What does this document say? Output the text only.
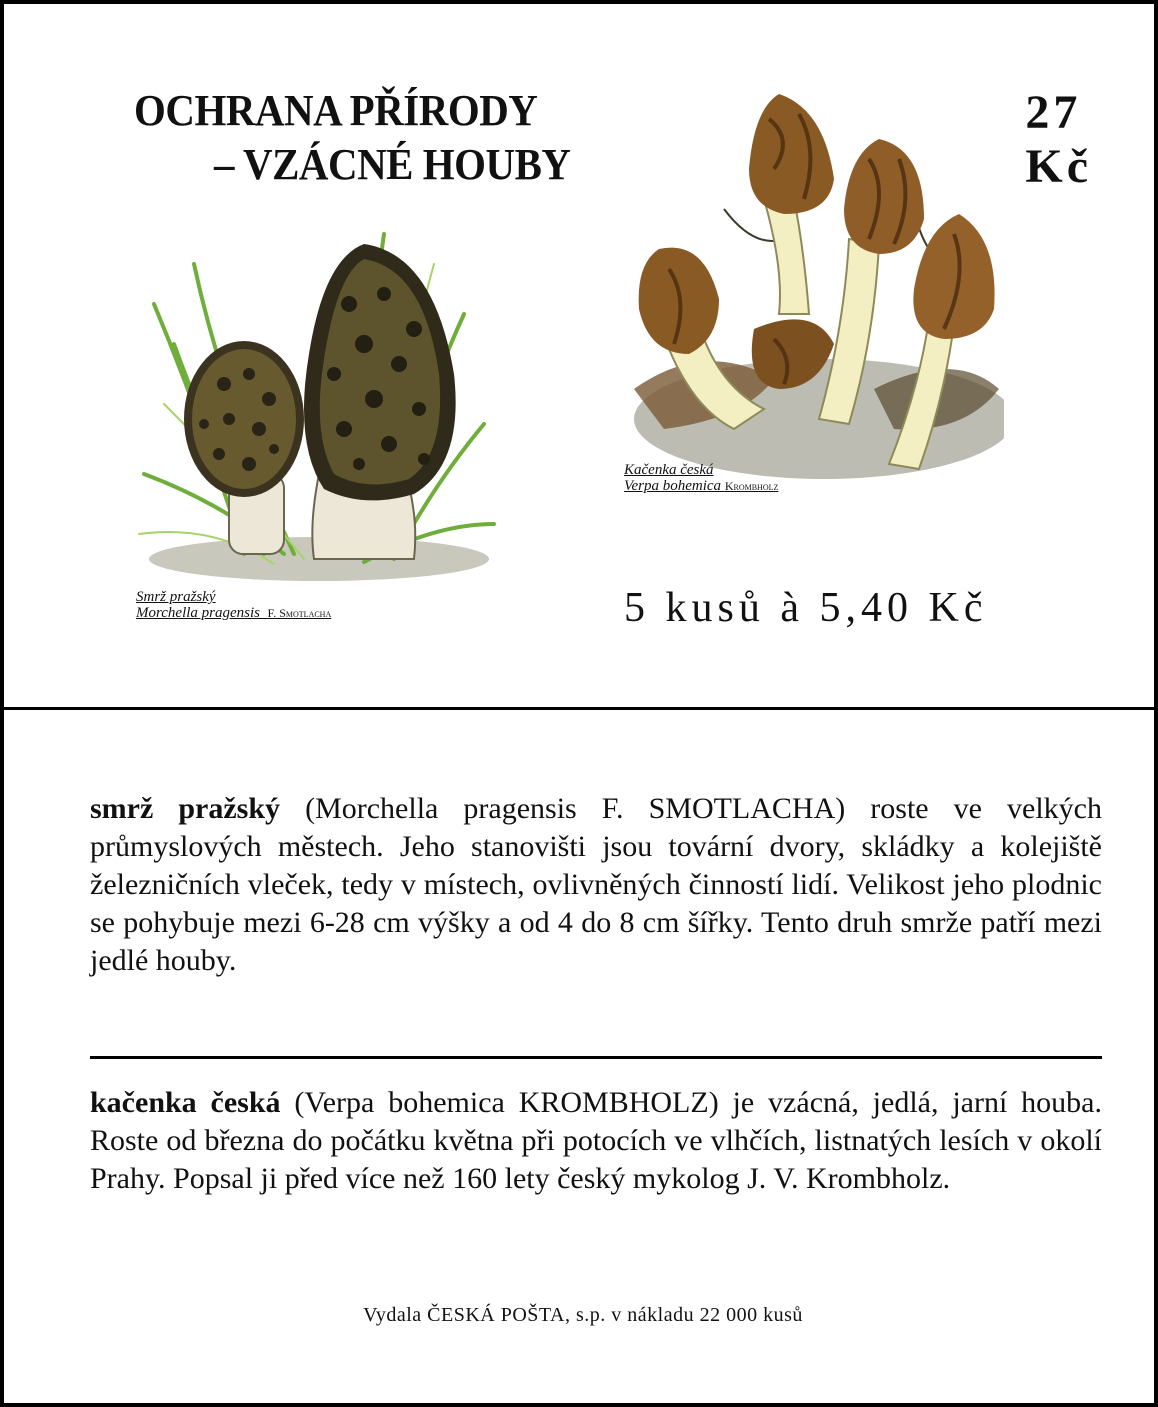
OCHRANA PŘÍRODY
– VZÁCNÉ HOUBY
27
Kč
Smrž pražský
Morchella pragensis F. Smotlacha
Kačenka česká
Verpa bohemica Krombholz
5 kusů à 5,40 Kč

smrž pražský (Morchella pragensis F. SMOTLACHA) roste ve velkých průmyslových městech. Jeho stanovišti jsou tovární dvory, skládky a kolejiště železničních vleček, tedy v místech, ovlivněných činností lidí. Velikost jeho plodnic se pohybuje mezi 6-28 cm výšky a od 4 do 8 cm šířky. Tento druh smrže patří mezi jedlé houby.

kačenka česká (Verpa bohemica KROMBHOLZ) je vzácná, jedlá, jarní houba. Roste od března do počátku května při potocích ve vlhčích, listnatých lesích v okolí Prahy. Popsal ji před více než 160 lety český mykolog J. V. Krombholz.

Vydala ČESKÁ POŠTA, s.p. v nákladu 22 000 kusů
